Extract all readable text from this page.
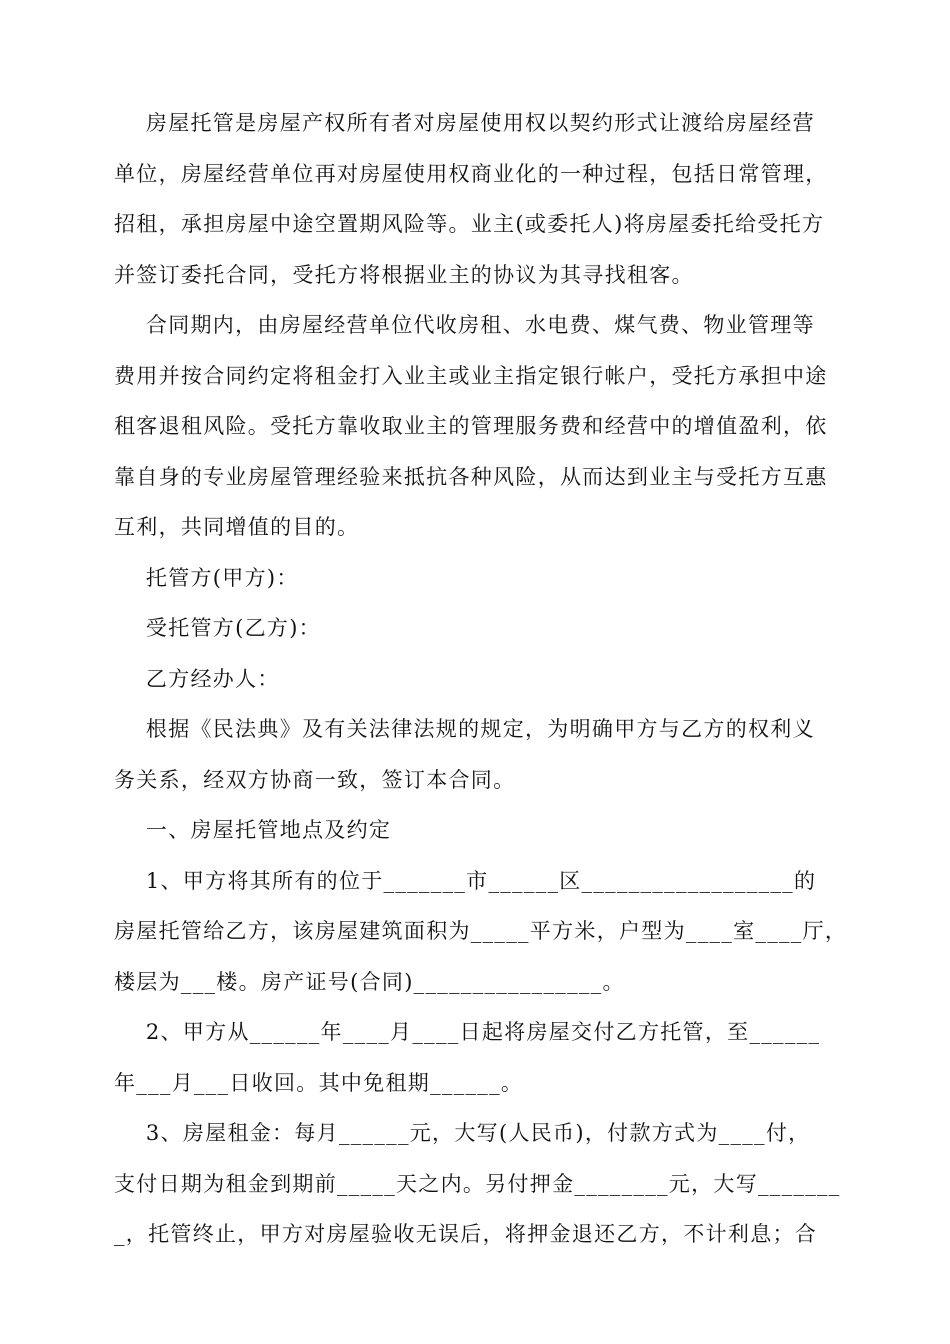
房屋托管是房屋产权所有者对房屋使用权以契约形式让渡给房屋经营
单位，房屋经营单位再对房屋使用权商业化的一种过程，包括日常管理，
招租，承担房屋中途空置期风险等。业主(或委托人)将房屋委托给受托方
并签订委托合同，受托方将根据业主的协议为其寻找租客。
合同期内，由房屋经营单位代收房租、水电费、煤气费、物业管理等
费用并按合同约定将租金打入业主或业主指定银行帐户，受托方承担中途
租客退租风险。受托方靠收取业主的管理服务费和经营中的增值盈利，依
靠自身的专业房屋管理经验来抵抗各种风险，从而达到业主与受托方互惠
互利，共同增值的目的。
托管方(甲方)：
受托管方(乙方)：
乙方经办人：
根据《民法典》及有关法律法规的规定，为明确甲方与乙方的权利义
务关系，经双方协商一致，签订本合同。
一、房屋托管地点及约定
1、甲方将其所有的位于_______市______区__________________的
房屋托管给乙方，该房屋建筑面积为_____平方米，户型为____室____厅，
楼层为___楼。房产证号(合同)________________。
2、甲方从______年____月____日起将房屋交付乙方托管，至______
年___月___日收回。其中免租期______。
3、房屋租金：每月______元，大写(人民币)，付款方式为____付，
支付日期为租金到期前_____天之内。另付押金________元，大写_______
_，托管终止，甲方对房屋验收无误后，将押金退还乙方，不计利息；合
